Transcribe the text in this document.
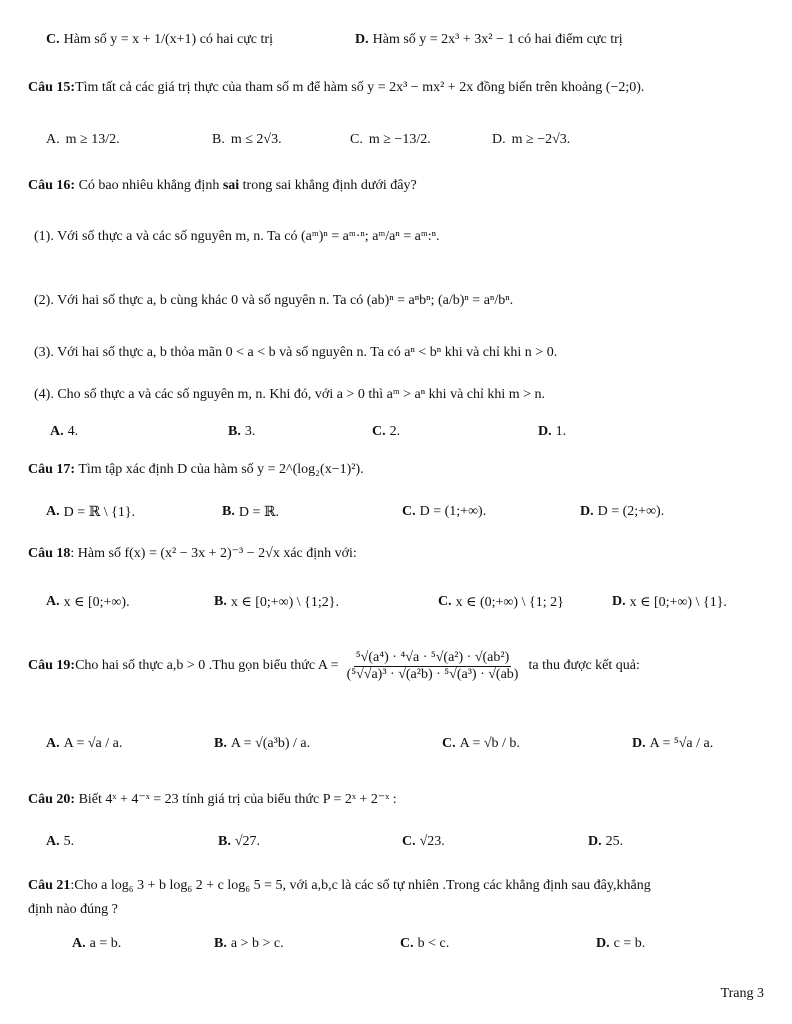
C. Hàm số y = x + 1/(x+1) có hai cực trị	D. Hàm số y = 2x³ + 3x² − 1 có hai điểm cực trị
Câu 15:Tìm tất cả các giá trị thực của tham số m để hàm số y = 2x³ − mx² + 2x đồng biến trên khoảng (−2;0).
A. m ≥ 13/2.	B. m ≤ 2√3.	C. m ≥ −13/2.	D. m ≥ −2√3.
Câu 16: Có bao nhiêu khẳng định sai trong sai khẳng định dưới đây?
(1). Với số thực a và các số nguyên m, n. Ta có (aᵐ)ⁿ = aᵐ·ⁿ; aᵐ/aⁿ = aᵐ:ⁿ.
(2). Với hai số thực a, b cùng khác 0 và số nguyên n. Ta có (ab)ⁿ = aⁿbⁿ; (a/b)ⁿ = aⁿ/bⁿ.
(3). Với hai số thực a, b thỏa mãn 0 < a < b và số nguyên n. Ta có aⁿ < bⁿ khi và chỉ khi n > 0.
(4). Cho số thực a và các số nguyên m, n. Khi đó, với a > 0 thì aᵐ > aⁿ khi và chỉ khi m > n.
A. 4.	B. 3.	C. 2.	D. 1.
Câu 17: Tìm tập xác định D của hàm số y = 2^(log₂(x−1)²).
A. D = ℝ \ {1}.	B. D = ℝ.	C. D = (1;+∞).	D. D = (2;+∞).
Câu 18: Hàm số f(x) = (x² − 3x + 2)⁻³ − 2√x xác định với:
A. x ∈ [0;+∞).	B. x ∈ [0;+∞) \ {1;2}.	C. x ∈ (0;+∞) \ {1; 2}	D. x ∈ [0;+∞) \ {1}.
Câu 19: Cho hai số thực a,b > 0 .Thu gọn biểu thức $A = \frac{\text{⁵√(a⁴) · ⁴√a · ⁵√(a²) · √(ab²)}}{\text{(⁵√√a)³ · √(a²b) · ⁵√(a³) · √(ab)}}$ ta thu được kết quả:
A. A = √a / a.	B. A = √(a³b) / a.	C. A = √b / b.	D. A = ⁵√a / a.
Câu 20: Biết 4ˣ + 4⁻ˣ = 23 tính giá trị của biểu thức P = 2ˣ + 2⁻ˣ :
A. 5.	B. √27.	C. √23.	D. 25.
Câu 21:Cho a log₆ 3 + b log₆ 2 + c log₆ 5 = 5, với a,b,c là các số tự nhiên .Trong các khẳng định sau đây,khẳng
định nào đúng ?
A. a = b.	B. a > b > c.	C. b < c.	D. c = b.
Trang 3
